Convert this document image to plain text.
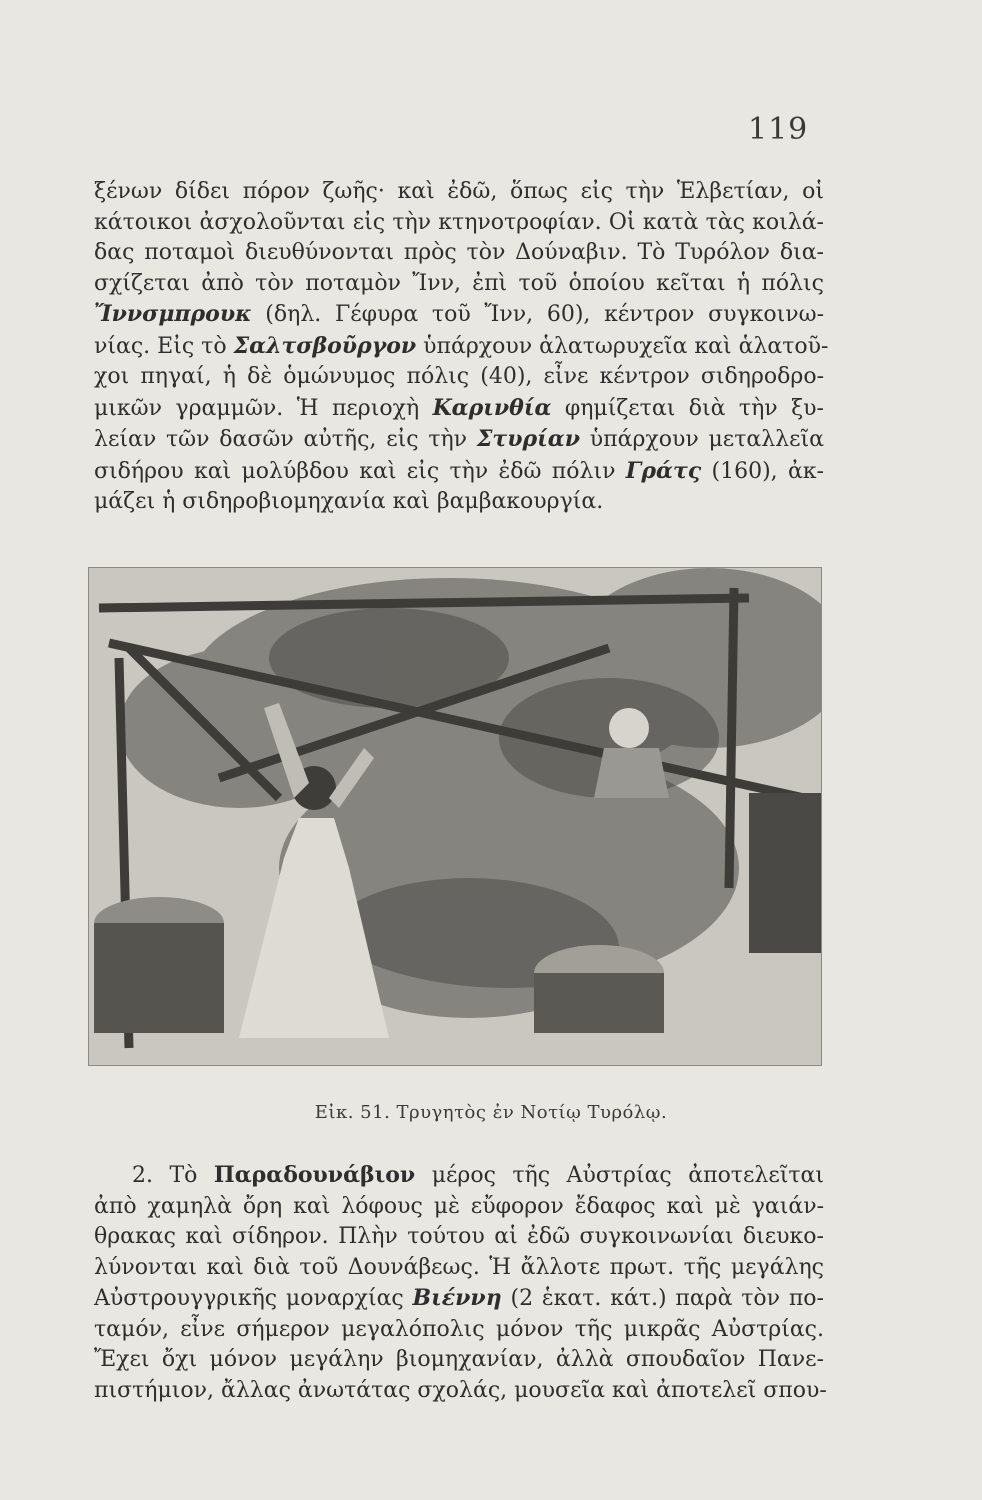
119
ξένων δίδει πόρον ζωῆς· καὶ ἐδῶ, ὅπως εἰς τὴν Ἑλβετίαν, οἱ
κάτοικοι ἀσχολοῦνται εἰς τὴν κτηνοτροφίαν. Οἱ κατὰ τὰς κοιλά-
δας ποταμοὶ διευθύνονται πρὸς τὸν Δούναβιν. Τὸ Τυρόλον δια-
σχίζεται ἀπὸ τὸν ποταμὸν Ἴνν, ἐπὶ τοῦ ὁποίου κεῖται ἡ πόλις
Ἴννσμπρουκ (δηλ. Γέφυρα τοῦ Ἴνν, 60), κέντρον συγκοινω-
νίας. Εἰς τὸ Σαλτσβοῦργον ὑπάρχουν ἁλατωρυχεῖα καὶ ἁλατοῦ-
χοι πηγαί, ἡ δὲ ὁμώνυμος πόλις (40), εἶνε κέντρον σιδηροδρο-
μικῶν γραμμῶν. Ἡ περιοχὴ Καρινθία φημίζεται διὰ τὴν ξυ-
λείαν τῶν δασῶν αὐτῆς, εἰς τὴν Στυρίαν ὑπάρχουν μεταλλεῖα
σιδήρου καὶ μολύβδου καὶ εἰς τὴν ἐδῶ πόλιν Γράτς (160), ἀκ-
μάζει ἡ σιδηροβιομηχανία καὶ βαμβακουργία.
Εἰκ. 51. Τρυγητὸς ἐν Νοτίῳ Τυρόλῳ.
2. Τὸ Παραδουνάβιον μέρος τῆς Αὐστρίας ἀποτελεῖται
ἀπὸ χαμηλὰ ὄρη καὶ λόφους μὲ εὔφορον ἔδαφος καὶ μὲ γαιάν-
θρακας καὶ σίδηρον. Πλὴν τούτου αἱ ἐδῶ συγκοινωνίαι διευκο-
λύνονται καὶ διὰ τοῦ Δουνάβεως. Ἡ ἄλλοτε πρωτ. τῆς μεγάλης
Αὐστρουγγρικῆς μοναρχίας Βιέννη (2 ἑκατ. κάτ.) παρὰ τὸν πο-
ταμόν, εἶνε σήμερον μεγαλόπολις μόνον τῆς μικρᾶς Αὐστρίας.
Ἔχει ὄχι μόνον μεγάλην βιομηχανίαν, ἀλλὰ σπουδαῖον Πανε-
πιστήμιον, ἄλλας ἀνωτάτας σχολάς, μουσεῖα καὶ ἀποτελεῖ σπου-
